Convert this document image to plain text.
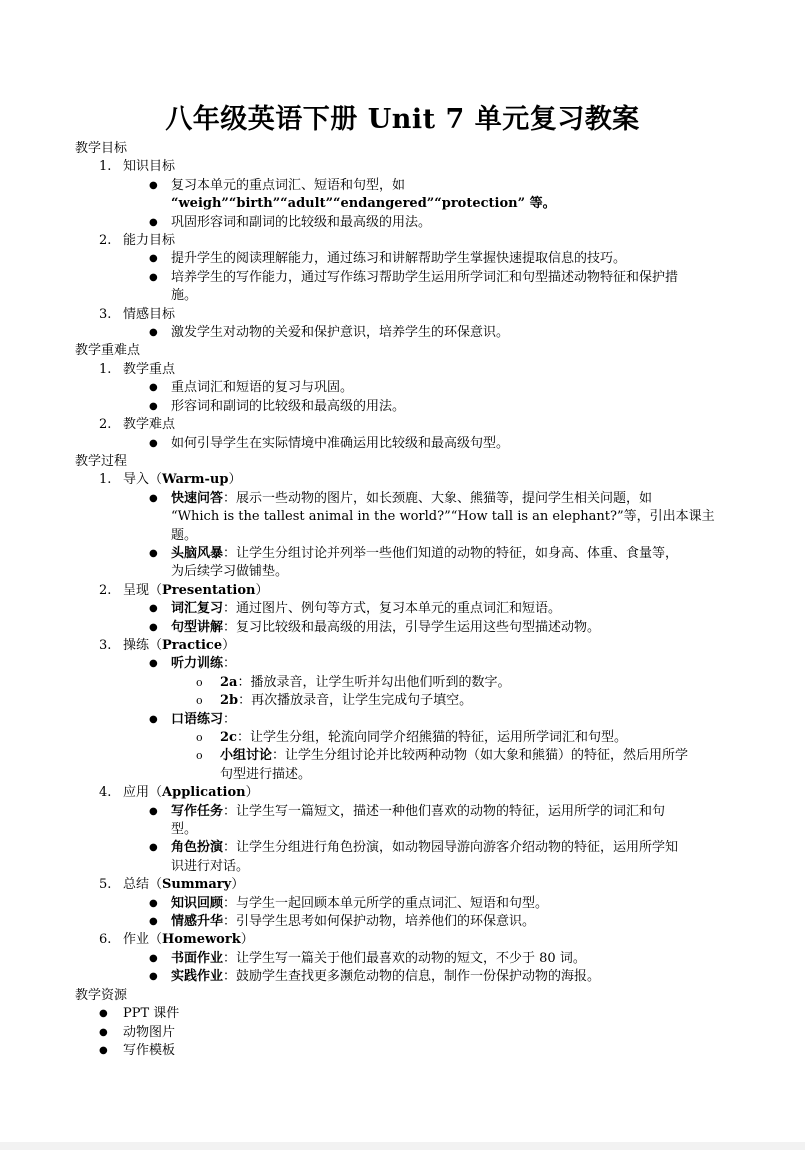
八年级英语下册 Unit 7 单元复习教案
教学目标
1. 知识目标
● 复习本单元的重点词汇、短语和句型，如
“weigh”“birth”“adult”“endangered”“protection” 等。
● 巩固形容词和副词的比较级和最高级的用法。
2. 能力目标
● 提升学生的阅读理解能力，通过练习和讲解帮助学生掌握快速提取信息的技巧。
● 培养学生的写作能力，通过写作练习帮助学生运用所学词汇和句型描述动物特征和保护措
施。
3. 情感目标
● 激发学生对动物的关爱和保护意识，培养学生的环保意识。
教学重难点
1. 教学重点
● 重点词汇和短语的复习与巩固。
● 形容词和副词的比较级和最高级的用法。
2. 教学难点
● 如何引导学生在实际情境中准确运用比较级和最高级句型。
教学过程
1. 导入（Warm-up）
● 快速问答：展示一些动物的图片，如长颈鹿、大象、熊猫等，提问学生相关问题，如
“Which is the tallest animal in the world?”“How tall is an elephant?”等，引出本课主题。
● 头脑风暴：让学生分组讨论并列举一些他们知道的动物的特征，如身高、体重、食量等，
为后续学习做铺垫。
2. 呈现（Presentation）
● 词汇复习：通过图片、例句等方式，复习本单元的重点词汇和短语。
● 句型讲解：复习比较级和最高级的用法，引导学生运用这些句型描述动物。
3. 操练（Practice）
● 听力训练：
o 2a：播放录音，让学生听并勾出他们听到的数字。
o 2b：再次播放录音，让学生完成句子填空。
● 口语练习：
o 2c：让学生分组，轮流向同学介绍熊猫的特征，运用所学词汇和句型。
o 小组讨论：让学生分组讨论并比较两种动物（如大象和熊猫）的特征，然后用所学
句型进行描述。
4. 应用（Application）
● 写作任务：让学生写一篇短文，描述一种他们喜欢的动物的特征，运用所学的词汇和句
型。
● 角色扮演：让学生分组进行角色扮演，如动物园导游向游客介绍动物的特征，运用所学知
识进行对话。
5. 总结（Summary）
● 知识回顾：与学生一起回顾本单元所学的重点词汇、短语和句型。
● 情感升华：引导学生思考如何保护动物，培养他们的环保意识。
6. 作业（Homework）
● 书面作业：让学生写一篇关于他们最喜欢的动物的短文，不少于 80 词。
● 实践作业：鼓励学生查找更多濒危动物的信息，制作一份保护动物的海报。
教学资源
● PPT 课件
● 动物图片
● 写作模板
